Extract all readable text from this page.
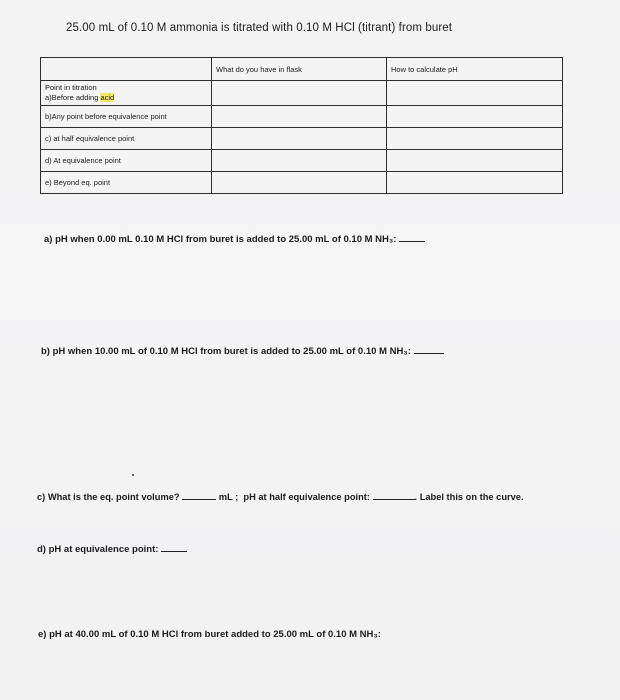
25.00 mL of 0.10 M ammonia is titrated with 0.10 M HCl (titrant) from buret
	What do you have in flask	How to calculate pH

Point in titration
a)Before adding acid		

b)Any point before equivalence point		
c) at half equivalence point		
d) At equivalence point		
e) Beyond eq. point		
a) pH when 0.00 mL 0.10 M HCl from buret is added to 25.00 mL of 0.10 M NH₃:
b) pH when 10.00 mL of 0.10 M HCl from buret is added to 25.00 mL of 0.10 M NH₃:
c) What is the eq. point volume?	mL ; pH at half equivalence point:	. Label this on the curve.
d) pH at equivalence point:
e) pH at 40.00 mL of 0.10 M HCl from buret added to 25.00 mL of 0.10 M NH₃:
